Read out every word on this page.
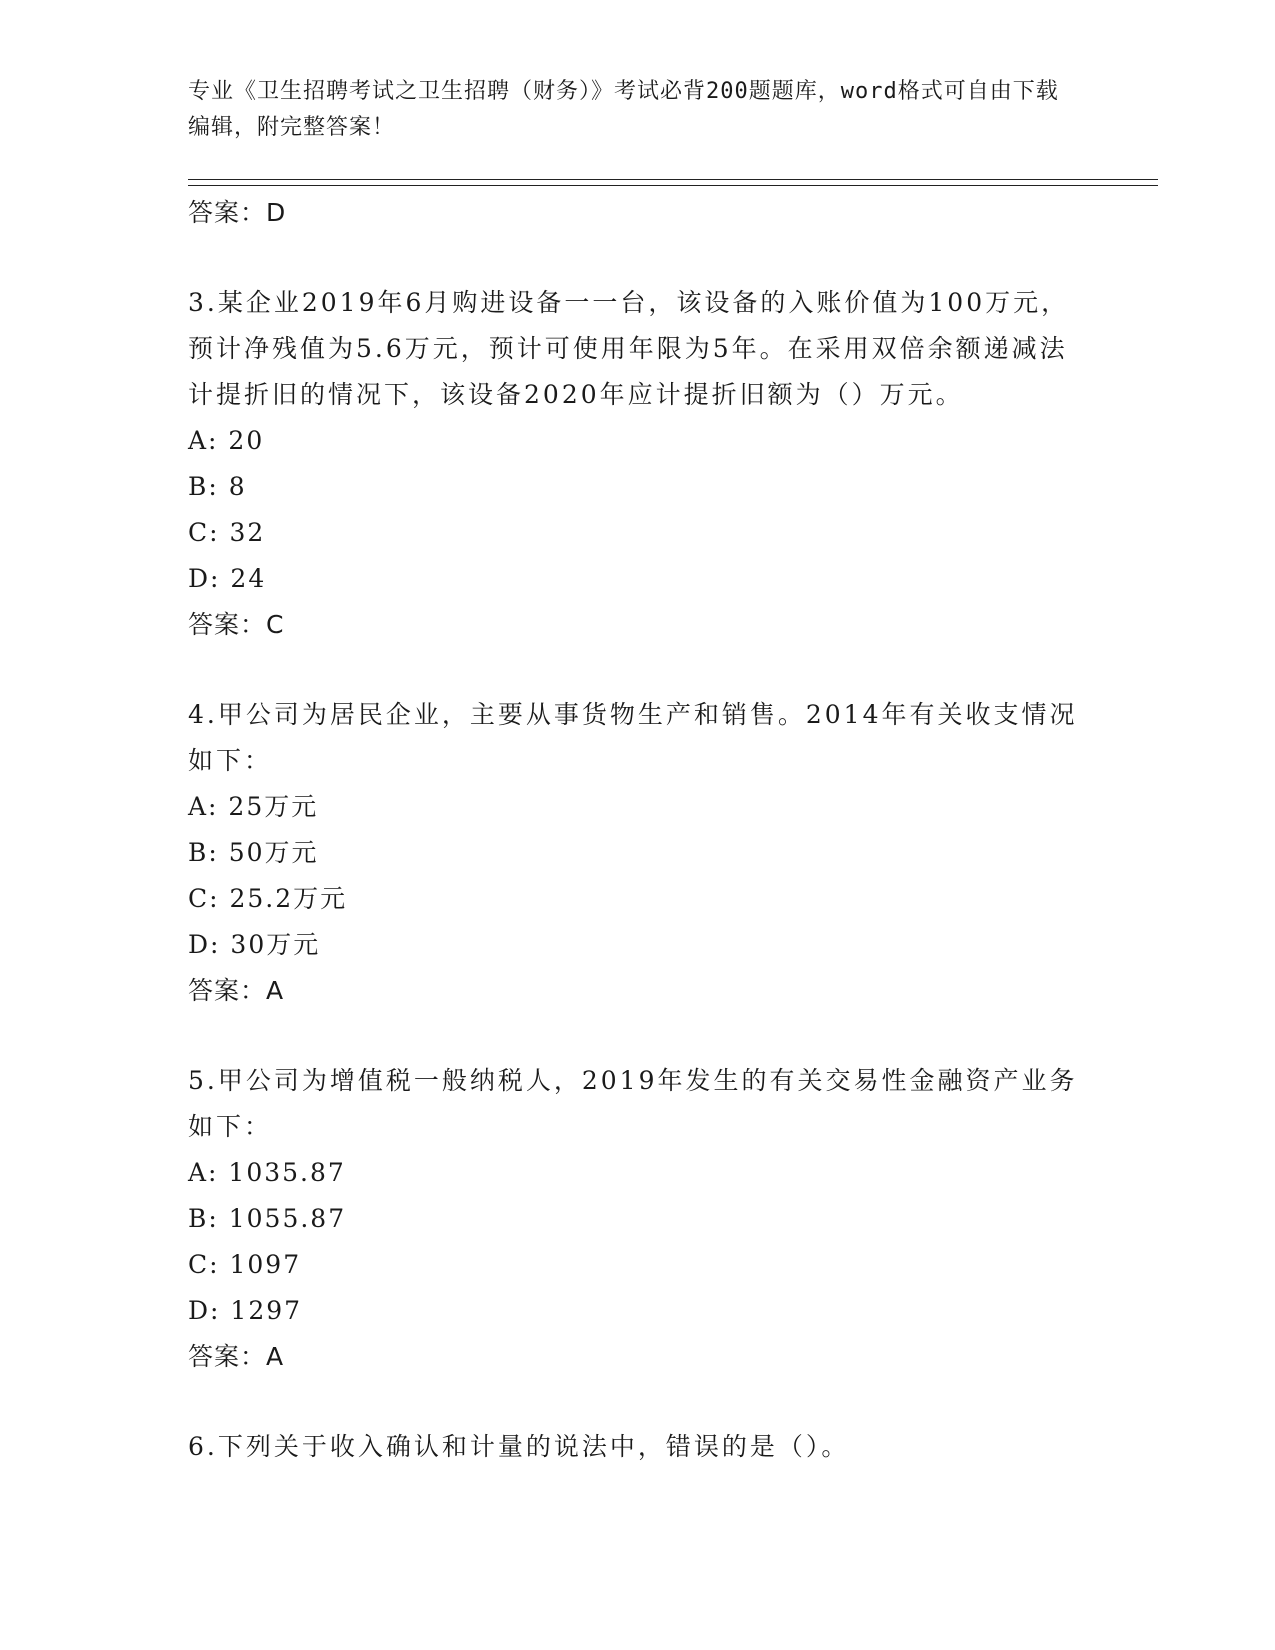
专业《卫生招聘考试之卫生招聘（财务）》考试必背200题题库，word格式可自由下载编辑，附完整答案！
答案：D
3.某企业2019年6月购进设备一一台，该设备的入账价值为100万元，预计净残值为5.6万元，预计可使用年限为5年。在采用双倍余额递减法计提折旧的情况下，该设备2020年应计提折旧额为（）万元。
A: 20
B: 8
C: 32
D: 24
答案：C
4.甲公司为居民企业，主要从事货物生产和销售。2014年有关收支情况如下：
A: 25万元
B: 50万元
C: 25.2万元
D: 30万元
答案：A
5.甲公司为增值税一般纳税人，2019年发生的有关交易性金融资产业务如下：
A: 1035.87
B: 1055.87
C: 1097
D: 1297
答案：A
6.下列关于收入确认和计量的说法中，错误的是（）。
